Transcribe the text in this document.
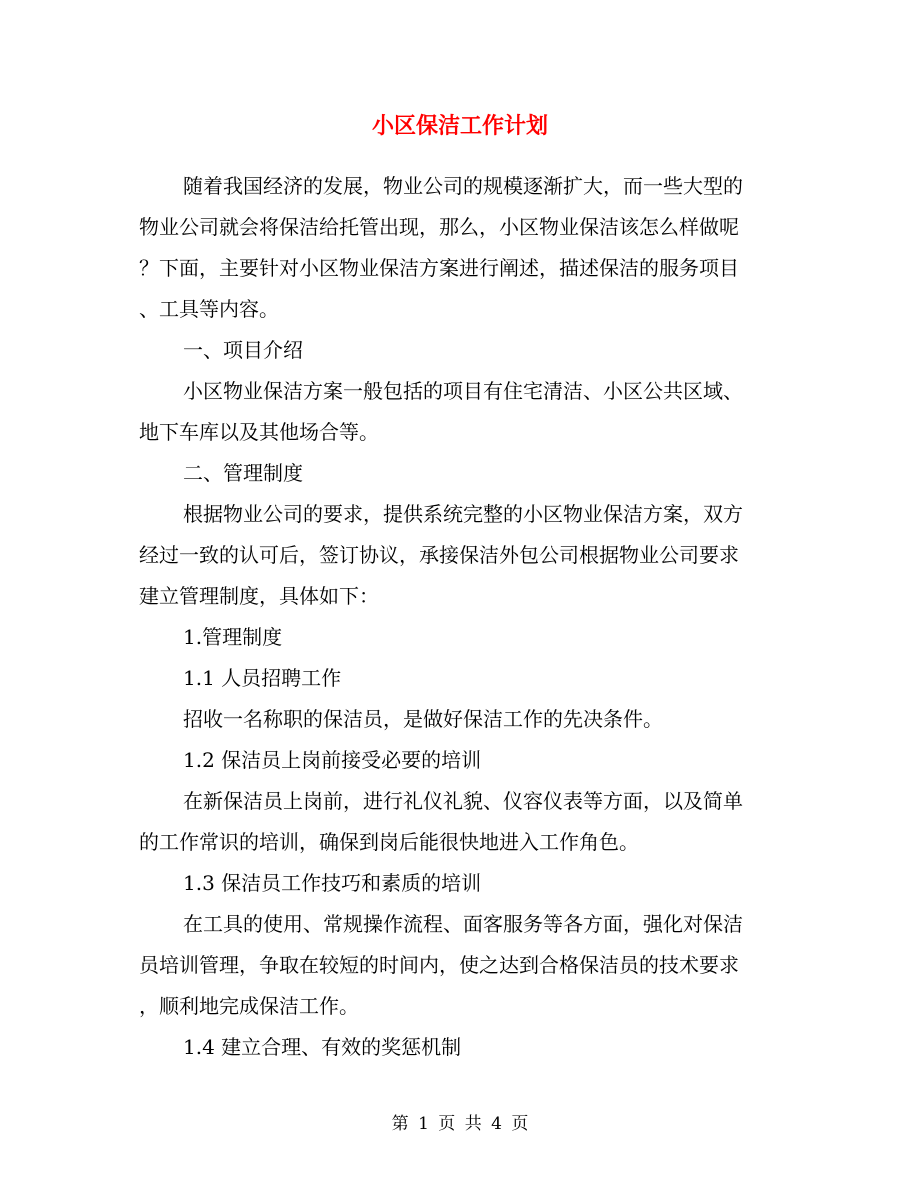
小区保洁工作计划
随着我国经济的发展，物业公司的规模逐渐扩大，而一些大型的
物业公司就会将保洁给托管出现，那么，小区物业保洁该怎么样做呢
？下面，主要针对小区物业保洁方案进行阐述，描述保洁的服务项目
、工具等内容。
一、项目介绍
小区物业保洁方案一般包括的项目有住宅清洁、小区公共区域、
地下车库以及其他场合等。
二、管理制度
根据物业公司的要求，提供系统完整的小区物业保洁方案，双方
经过一致的认可后，签订协议，承接保洁外包公司根据物业公司要求
建立管理制度，具体如下：
1.管理制度
1.1 人员招聘工作
招收一名称职的保洁员，是做好保洁工作的先决条件。
1.2 保洁员上岗前接受必要的培训
在新保洁员上岗前，进行礼仪礼貌、仪容仪表等方面，以及简单
的工作常识的培训，确保到岗后能很快地进入工作角色。
1.3 保洁员工作技巧和素质的培训
在工具的使用、常规操作流程、面客服务等各方面，强化对保洁
员培训管理，争取在较短的时间内，使之达到合格保洁员的技术要求
，顺利地完成保洁工作。
1.4 建立合理、有效的奖惩机制
第 1 页 共 4 页
